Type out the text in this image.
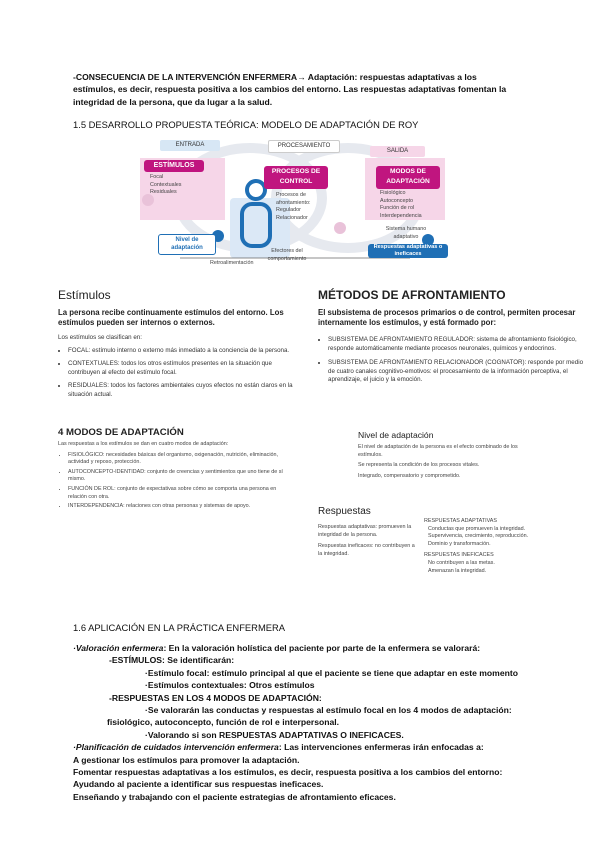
-CONSECUENCIA DE LA INTERVENCIÓN ENFERMERA→ Adaptación: respuestas adaptativas a los
estímulos, es decir, respuesta positiva a los cambios del entorno. Las respuestas adaptativas fomentan la
integridad de la persona, que da lugar a la salud.
1.5 DESARROLLO PROPUESTA TEÓRICA: MODELO DE ADAPTACIÓN DE ROY
ENTRADA	PROCESAMIENTO
SALIDA
ESTÍMULOS
Focal
Contextuales
Residuales
PROCESOS DE CONTROL
Procesos de afrontamiento:
Regulador
Relacionador
MODOS DE ADAPTACIÓN
Fisiológico
Autoconcepto
Función de rol
Interdependencia
Nivel de adaptación	Respuestas adaptativas o ineficaces
Efectores del comportamiento
Sistema humano adaptativo
Retroalimentación
Estímulos
La persona recibe continuamente estímulos del entorno. Los estímulos pueden ser internos o externos.
Los estímulos se clasifican en:
• FOCAL: estímulo interno o externo más inmediato a la conciencia de la persona.
• CONTEXTUALES: todos los otros estímulos presentes en la situación que contribuyen al efecto del estímulo focal.
• RESIDUALES: todos los factores ambientales cuyos efectos no están claros en la situación actual.
MÉTODOS DE AFRONTAMIENTO
El subsistema de procesos primarios o de control, permiten procesar internamente los estímulos, y está formado por:
• SUBSISTEMA DE AFRONTAMIENTO REGULADOR: sistema de afrontamiento fisiológico, responde automáticamente mediante procesos neuronales, químicos y endocrinos.
• SUBSISTEMA DE AFRONTAMIENTO RELACIONADOR (COGNATOR): responde por medio de cuatro canales cognitivo-emotivos: el procesamiento de la información perceptiva, el aprendizaje, el juicio y la emoción.
4 MODOS DE ADAPTACIÓN
Las respuestas a los estímulos se dan en cuatro modos de adaptación:
• FISIOLÓGICO: necesidades básicas del organismo, oxigenación, nutrición, eliminación, actividad y reposo, protección.
• AUTOCONCEPTO-IDENTIDAD: conjunto de creencias y sentimientos que uno tiene de sí mismo.
• FUNCIÓN DE ROL: conjunto de expectativas sobre cómo se comporta una persona en relación con otra.
• INTERDEPENDENCIA: relaciones con otras personas y sistemas de apoyo.
Nivel de adaptación
El nivel de adaptación de la persona es el efecto combinado de los estímulos.
Se representa la condición de los procesos vitales.
Integrado, compensatorio y comprometido.
Respuestas
Respuestas adaptativas: promueven la integridad de la persona.
Respuestas ineficaces: no contribuyen a la integridad.
RESPUESTAS ADAPTATIVAS
Conductas que promueven la integridad.
Supervivencia, crecimiento, reproducción.
Dominio y transformación.
RESPUESTAS INEFICACES
No contribuyen a las metas.
Amenazan la integridad.
1.6 APLICACIÓN EN LA PRÁCTICA ENFERMERA
·Valoración enfermera: En la valoración holística del paciente por parte de la enfermera se valorará:
-ESTÍMULOS: Se identificarán:
·Estímulo focal: estímulo principal al que el paciente se tiene que adaptar en este momento
·Estímulos contextuales: Otros estímulos
-RESPUESTAS EN LOS 4 MODOS DE ADAPTACIÓN:
·Se valorarán las conductas y respuestas al estímulo focal en los 4 modos de adaptación:
fisiológico, autoconcepto, función de rol e interpersonal.
·Valorando si son RESPUESTAS ADAPTATIVAS O INEFICACES.
·Planificación de cuidados intervención enfermera: Las intervenciones enfermeras irán enfocadas a:
A gestionar los estímulos para promover la adaptación.
Fomentar respuestas adaptativas a los estímulos, es decir, respuesta positiva a los cambios del entorno:
Ayudando al paciente a identificar sus respuestas ineficaces.
Enseñando y trabajando con el paciente estrategias de afrontamiento eficaces.
